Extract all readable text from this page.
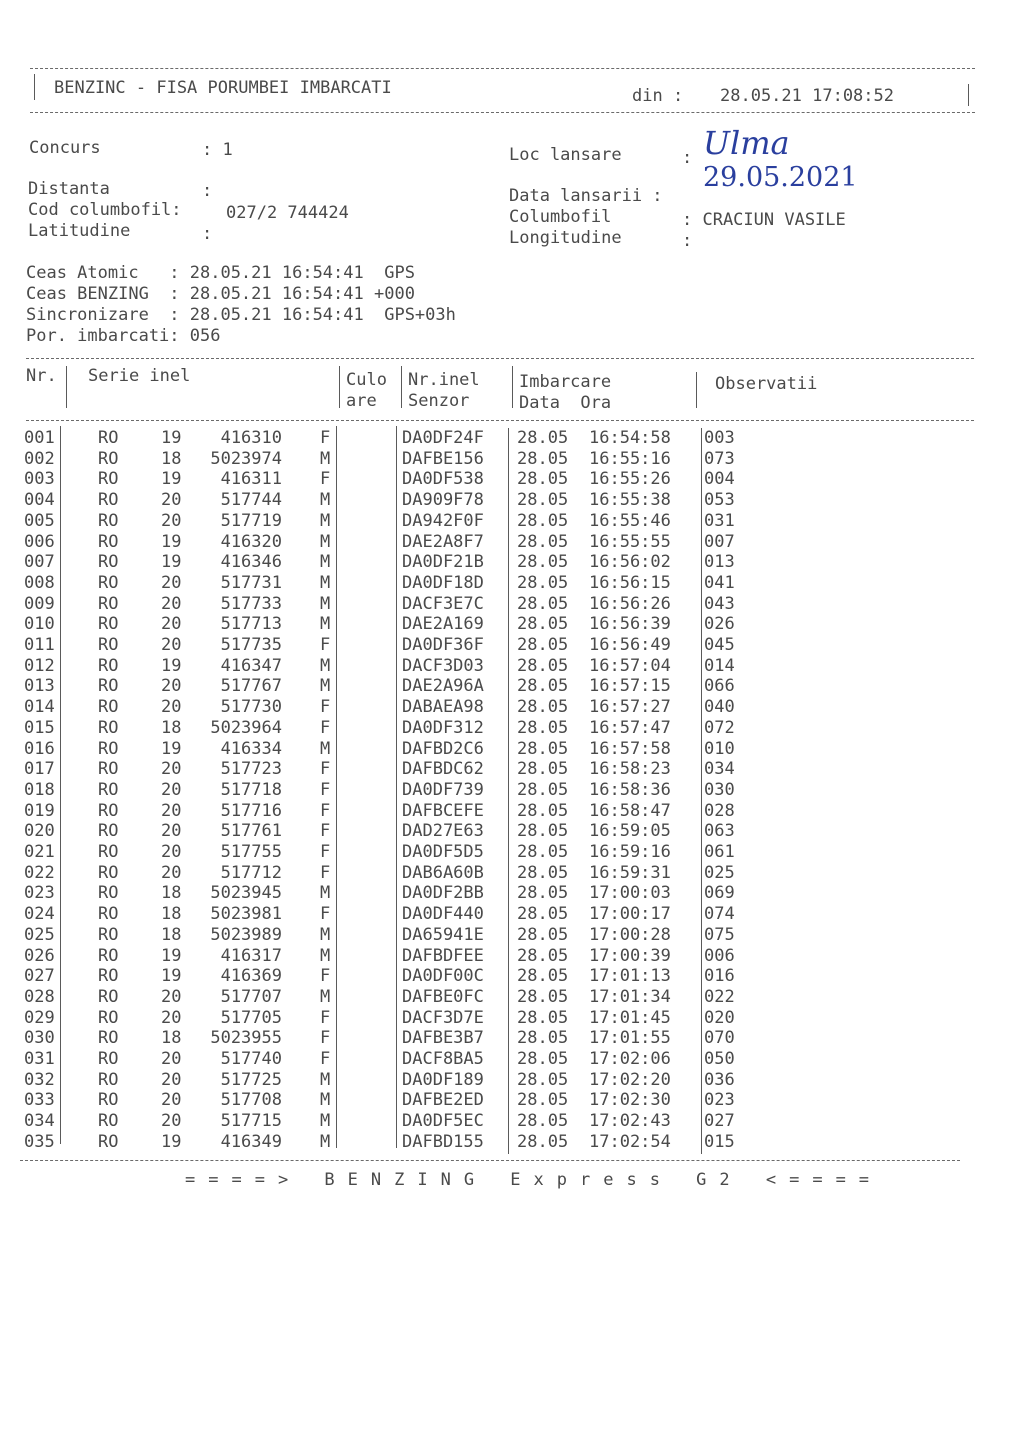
BENZINC - FISA PORUMBEI IMBARCATI	din : 28.05.21 17:08:52
Concurs	: 1
Distanta	:
Cod columbofil:	027/2 744424
Latitudine	:
Loc lansare	: Ulma
29.05.2021
Data lansarii :
Columbofil	: CRACIUN VASILE
Longitudine	:
Ceas Atomic   : 28.05.21 16:54:41  GPS
Ceas BENZING  : 28.05.21 16:54:41 +000
Sincronizare  : 28.05.21 16:54:41  GPS+03h
Por. imbarcati: 056
Nr. Serie inel	Culo
are
Nr.inel
Senzor
Imbarcare
Data  Ora
Observatii
001	RO	19	416310 F	DA0DF24F 28.05 16:54:58 003
002	RO	18	5023974 M	DAFBE156 28.05 16:55:16 073
003	RO	19	416311 F	DA0DF538 28.05 16:55:26 004
004	RO	20	517744 M	DA909F78 28.05 16:55:38 053
005	RO	20	517719 M	DA942F0F 28.05 16:55:46 031
006	RO	19	416320 M	DAE2A8F7 28.05 16:55:55 007
007	RO	19	416346 M	DA0DF21B 28.05 16:56:02 013
008	RO	20	517731 M	DA0DF18D 28.05 16:56:15 041
009	RO	20	517733 M	DACF3E7C 28.05 16:56:26 043
010	RO	20	517713 M	DAE2A169 28.05 16:56:39 026
011	RO	20	517735 F	DA0DF36F 28.05 16:56:49 045
012	RO	19	416347 M	DACF3D03 28.05 16:57:04 014
013	RO	20	517767 M	DAE2A96A 28.05 16:57:15 066
014	RO	20	517730 F	DABAEA98 28.05 16:57:27 040
015	RO	18	5023964 F	DA0DF312 28.05 16:57:47 072
016	RO	19	416334 M	DAFBD2C6 28.05 16:57:58 010
017	RO	20	517723 F	DAFBDC62 28.05 16:58:23 034
018	RO	20	517718 F	DA0DF739 28.05 16:58:36 030
019	RO	20	517716 F	DAFBCEFE 28.05 16:58:47 028
020	RO	20	517761 F	DAD27E63 28.05 16:59:05 063
021	RO	20	517755 F	DA0DF5D5 28.05 16:59:16 061
022	RO	20	517712 F	DAB6A60B 28.05 16:59:31 025
023	RO	18	5023945 M	DA0DF2BB 28.05 17:00:03 069
024	RO	18	5023981 F	DA0DF440 28.05 17:00:17 074
025	RO	18	5023989 M	DA65941E 28.05 17:00:28 075
026	RO	19	416317 M	DAFBDFEE 28.05 17:00:39 006
027	RO	19	416369 F	DA0DF00C 28.05 17:01:13 016
028	RO	20	517707 M	DAFBE0FC 28.05 17:01:34 022
029	RO	20	517705 F	DACF3D7E 28.05 17:01:45 020
030	RO	18	5023955 F	DAFBE3B7 28.05 17:01:55 070
031	RO	20	517740 F	DACF8BA5 28.05 17:02:06 050
032	RO	20	517725 M	DA0DF189 28.05 17:02:20 036
033	RO	20	517708 M	DAFBE2ED 28.05 17:02:30 023
034	RO	20	517715 M	DA0DF5EC 28.05 17:02:43 027
035	RO	19	416349 M	DAFBD155 28.05 17:02:54 015
====> BENZING Express G2 <====
